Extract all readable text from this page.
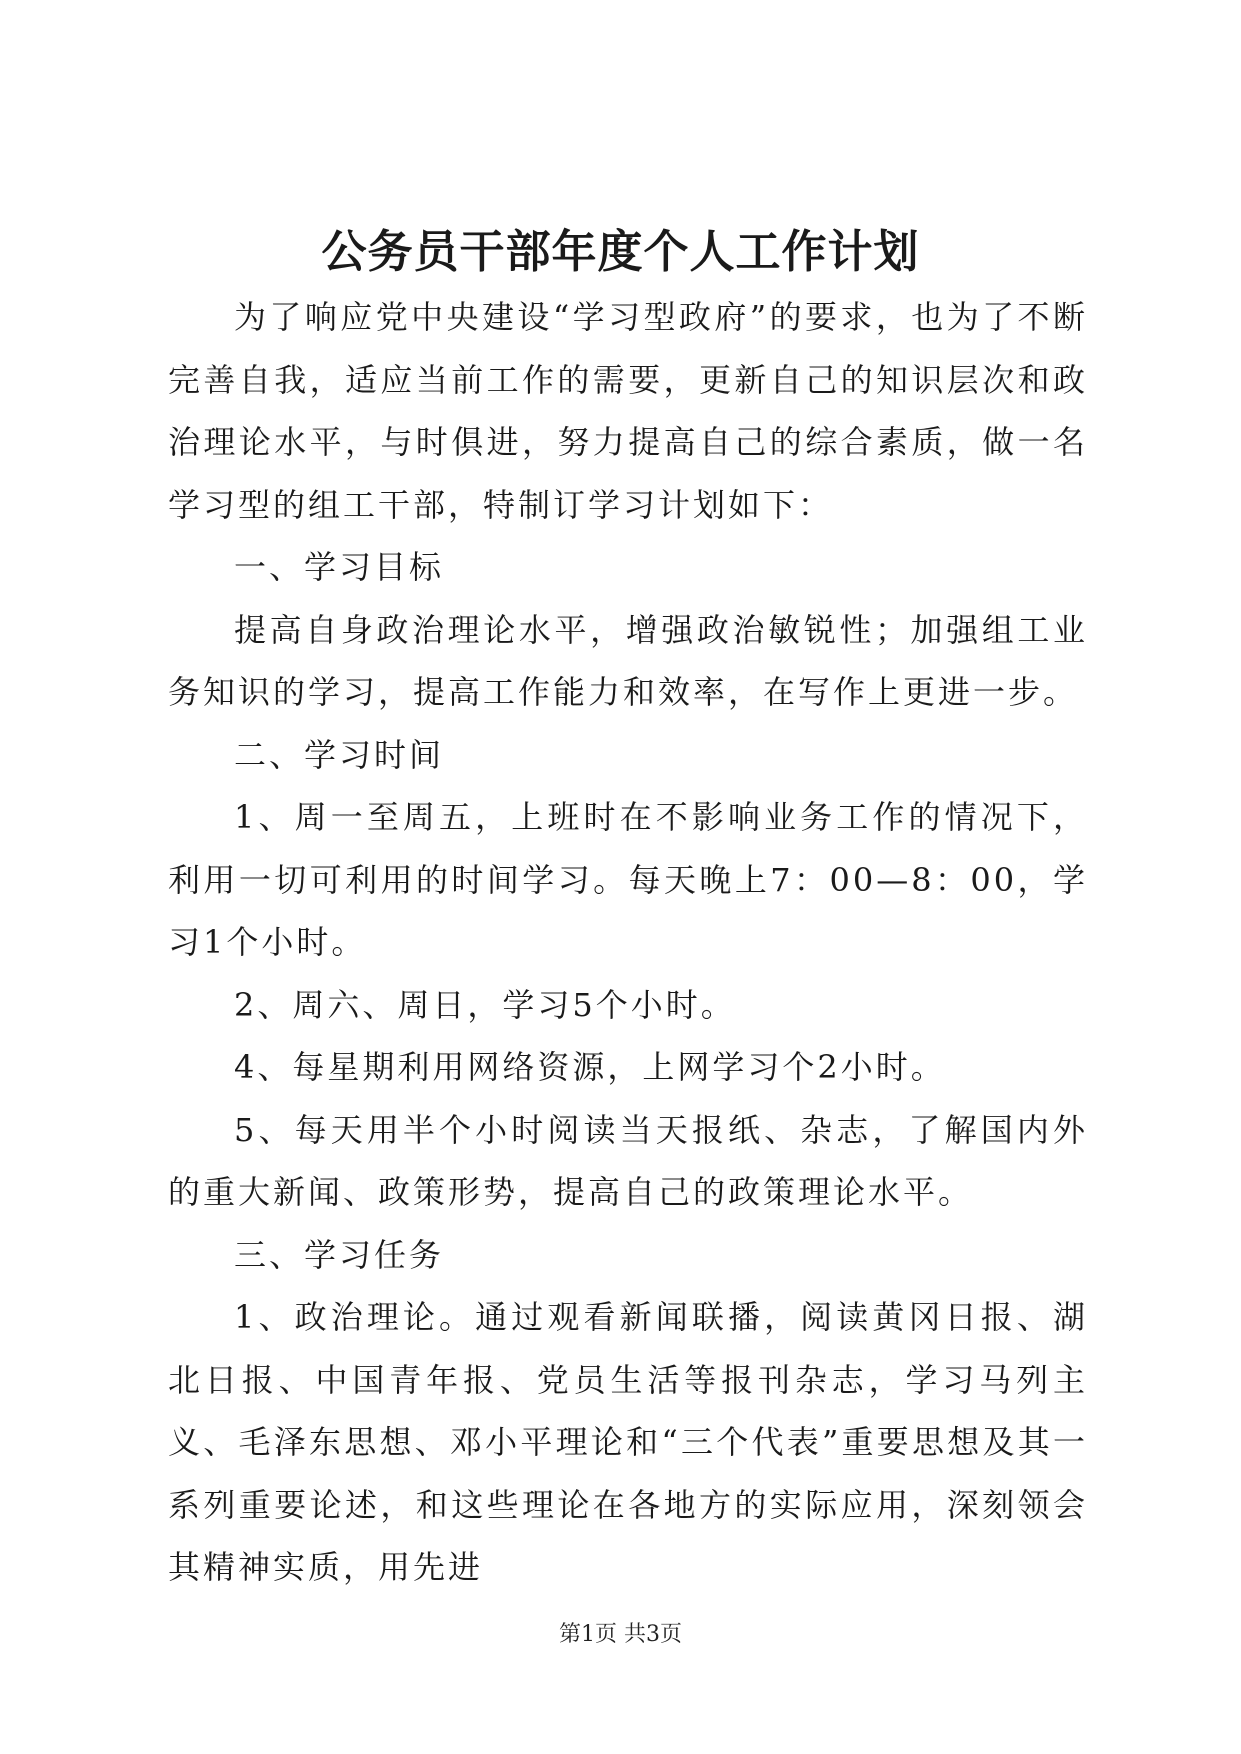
公务员干部年度个人工作计划

为了响应党中央建设“学习型政府”的要求，也为了不断完善自我，适应当前工作的需要，更新自己的知识层次和政治理论水平，与时俱进，努力提高自己的综合素质，做一名学习型的组工干部，特制订学习计划如下：

一、学习目标

提高自身政治理论水平，增强政治敏锐性；加强组工业务知识的学习，提高工作能力和效率，在写作上更进一步。

二、学习时间

1、周一至周五，上班时在不影响业务工作的情况下，利用一切可利用的时间学习。每天晚上7：00—8：00，学习1个小时。

2、周六、周日，学习5个小时。

4、每星期利用网络资源，上网学习个2小时。

5、每天用半个小时阅读当天报纸、杂志，了解国内外的重大新闻、政策形势，提高自己的政策理论水平。

三、学习任务

1、政治理论。通过观看新闻联播，阅读黄冈日报、湖北日报、中国青年报、党员生活等报刊杂志，学习马列主义、毛泽东思想、邓小平理论和“三个代表”重要思想及其一系列重要论述，和这些理论在各地方的实际应用，深刻领会其精神实质，用先进

第1页 共3页
